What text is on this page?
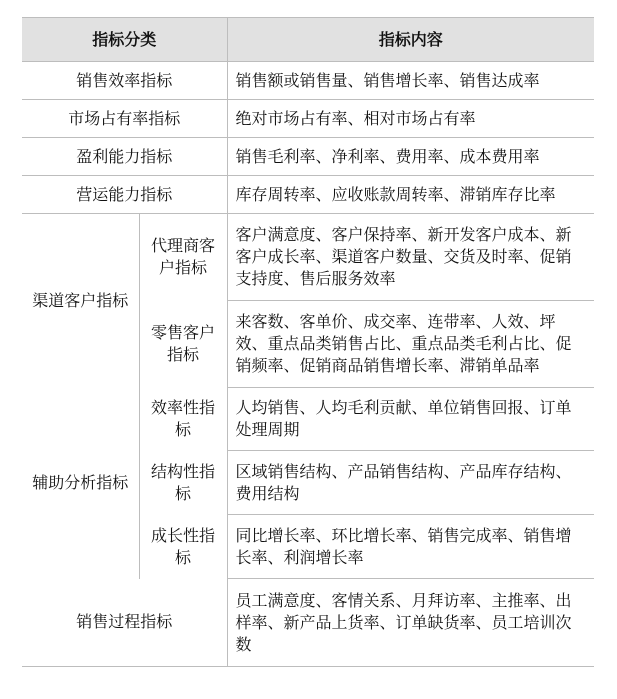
指标分类		指标内容
销售效率指标		销售额或销售量、销售增长率、销售达成率
市场占有率指标		绝对市场占有率、相对市场占有率
盈利能力指标		销售毛利率、净利率、费用率、成本费用率
营运能力指标		库存周转率、应收账款周转率、滞销库存比率
渠道客户指标	代理商客户指标	客户满意度、客户保持率、新开发客户成本、新客户成长率、渠道客户数量、交货及时率、促销支持度、售后服务效率
	零售客户指标	来客数、客单价、成交率、连带率、人效、坪效、重点品类销售占比、重点品类毛利占比、促销频率、促销商品销售增长率、滞销单品率
辅助分析指标	效率性指标	人均销售、人均毛利贡献、单位销售回报、订单处理周期
	结构性指标	区域销售结构、产品销售结构、产品库存结构、费用结构
	成长性指标	同比增长率、环比增长率、销售完成率、销售增长率、利润增长率
销售过程指标		员工满意度、客情关系、月拜访率、主推率、出样率、新产品上货率、订单缺货率、员工培训次数
